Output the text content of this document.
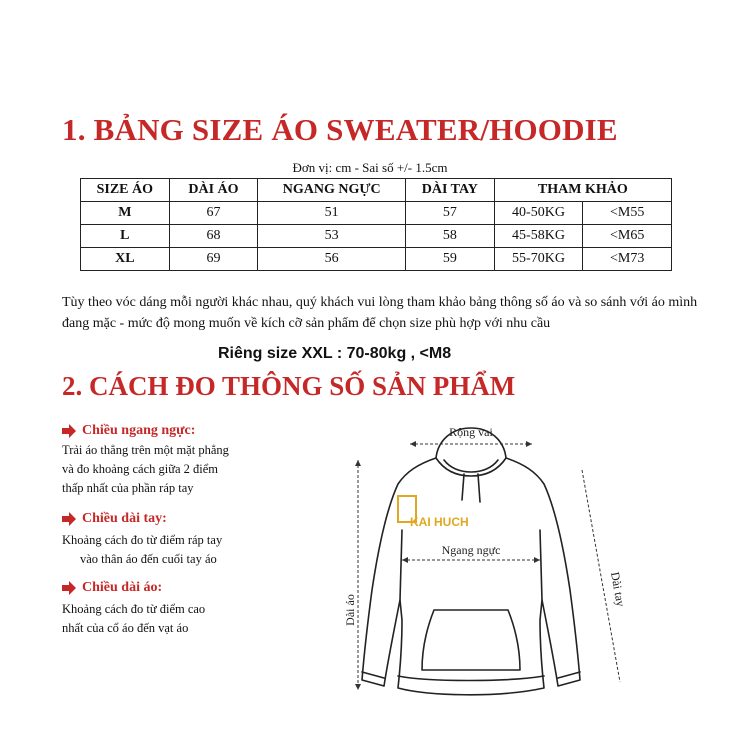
1. BẢNG SIZE ÁO SWEATER/HOODIE
Đơn vị: cm - Sai số +/- 1.5cm
SIZE ÁO	DÀI ÁO	NGANG NGỰC	DÀI TAY	THAM KHẢO	
M	67	51	57	40-50KG	<M55
L	68	53	58	45-58KG	<M65
XL	69	56	59	55-70KG	<M73
Tùy theo vóc dáng mỗi người khác nhau, quý khách vui lòng tham khảo bảng thông số áo và so sánh với áo mình đang mặc - mức độ mong muốn về kích cỡ sản phẩm để chọn size phù hợp với nhu cầu
Riêng size XXL : 70-80kg , <M8
2. CÁCH ĐO THÔNG SỐ SẢN PHẨM
Chiều ngang ngực:
Trải áo thẳng trên một mặt phẳng
và đo khoảng cách giữa 2 điểm
thấp nhất của phần ráp tay
Chiều dài tay:
Khoảng cách đo từ điểm ráp tay
vào thân áo đến cuối tay áo
Chiều dài áo:
Khoảng cách đo từ điểm cao
nhất của cổ áo đến vạt áo
KAI HUCH
Rộng vai
Ngang ngực
Dài áo
Dài tay
